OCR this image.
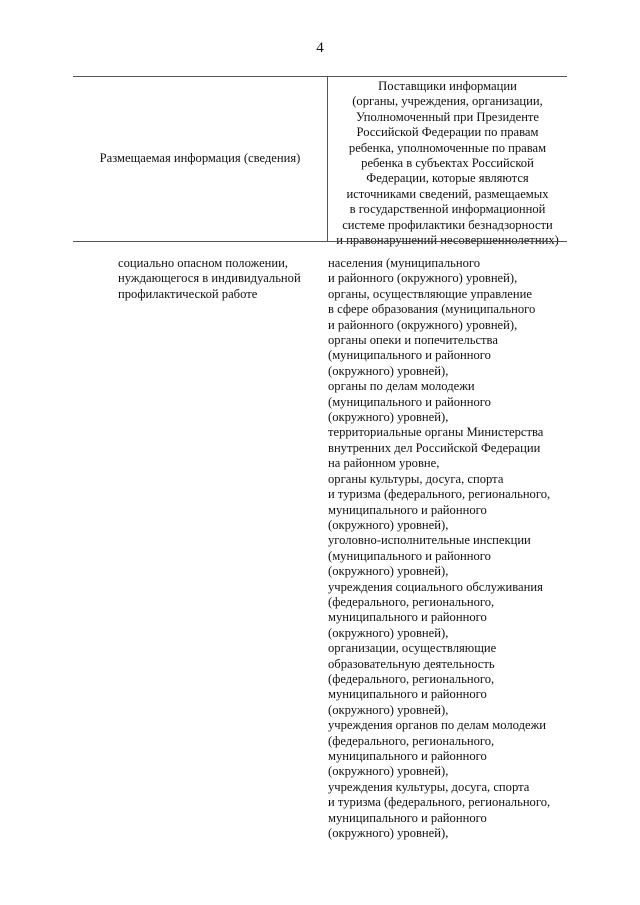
4
Размещаемая информация (сведения)
Поставщики информации
(органы, учреждения, организации,
Уполномоченный при Президенте
Российской Федерации по правам
ребенка, уполномоченные по правам
ребенка в субъектах Российской
Федерации, которые являются
источниками сведений, размещаемых
в государственной информационной
системе профилактики безнадзорности
и правонарушений несовершеннолетних)
социально опасном положении,
нуждающегося в индивидуальной
профилактической работе
населения (муниципального
и районного (окружного) уровней),
органы, осуществляющие управление
в сфере образования (муниципального
и районного (окружного) уровней),
органы опеки и попечительства
(муниципального и районного
(окружного) уровней),
органы по делам молодежи
(муниципального и районного
(окружного) уровней),
территориальные органы Министерства
внутренних дел Российской Федерации
на районном уровне,
органы культуры, досуга, спорта
и туризма (федерального, регионального,
муниципального и районного
(окружного) уровней),
уголовно-исполнительные инспекции
(муниципального и районного
(окружного) уровней),
учреждения социального обслуживания
(федерального, регионального,
муниципального и районного
(окружного) уровней),
организации, осуществляющие
образовательную деятельность
(федерального, регионального,
муниципального и районного
(окружного) уровней),
учреждения органов по делам молодежи
(федерального, регионального,
муниципального и районного
(окружного) уровней),
учреждения культуры, досуга, спорта
и туризма (федерального, регионального,
муниципального и районного
(окружного) уровней),
